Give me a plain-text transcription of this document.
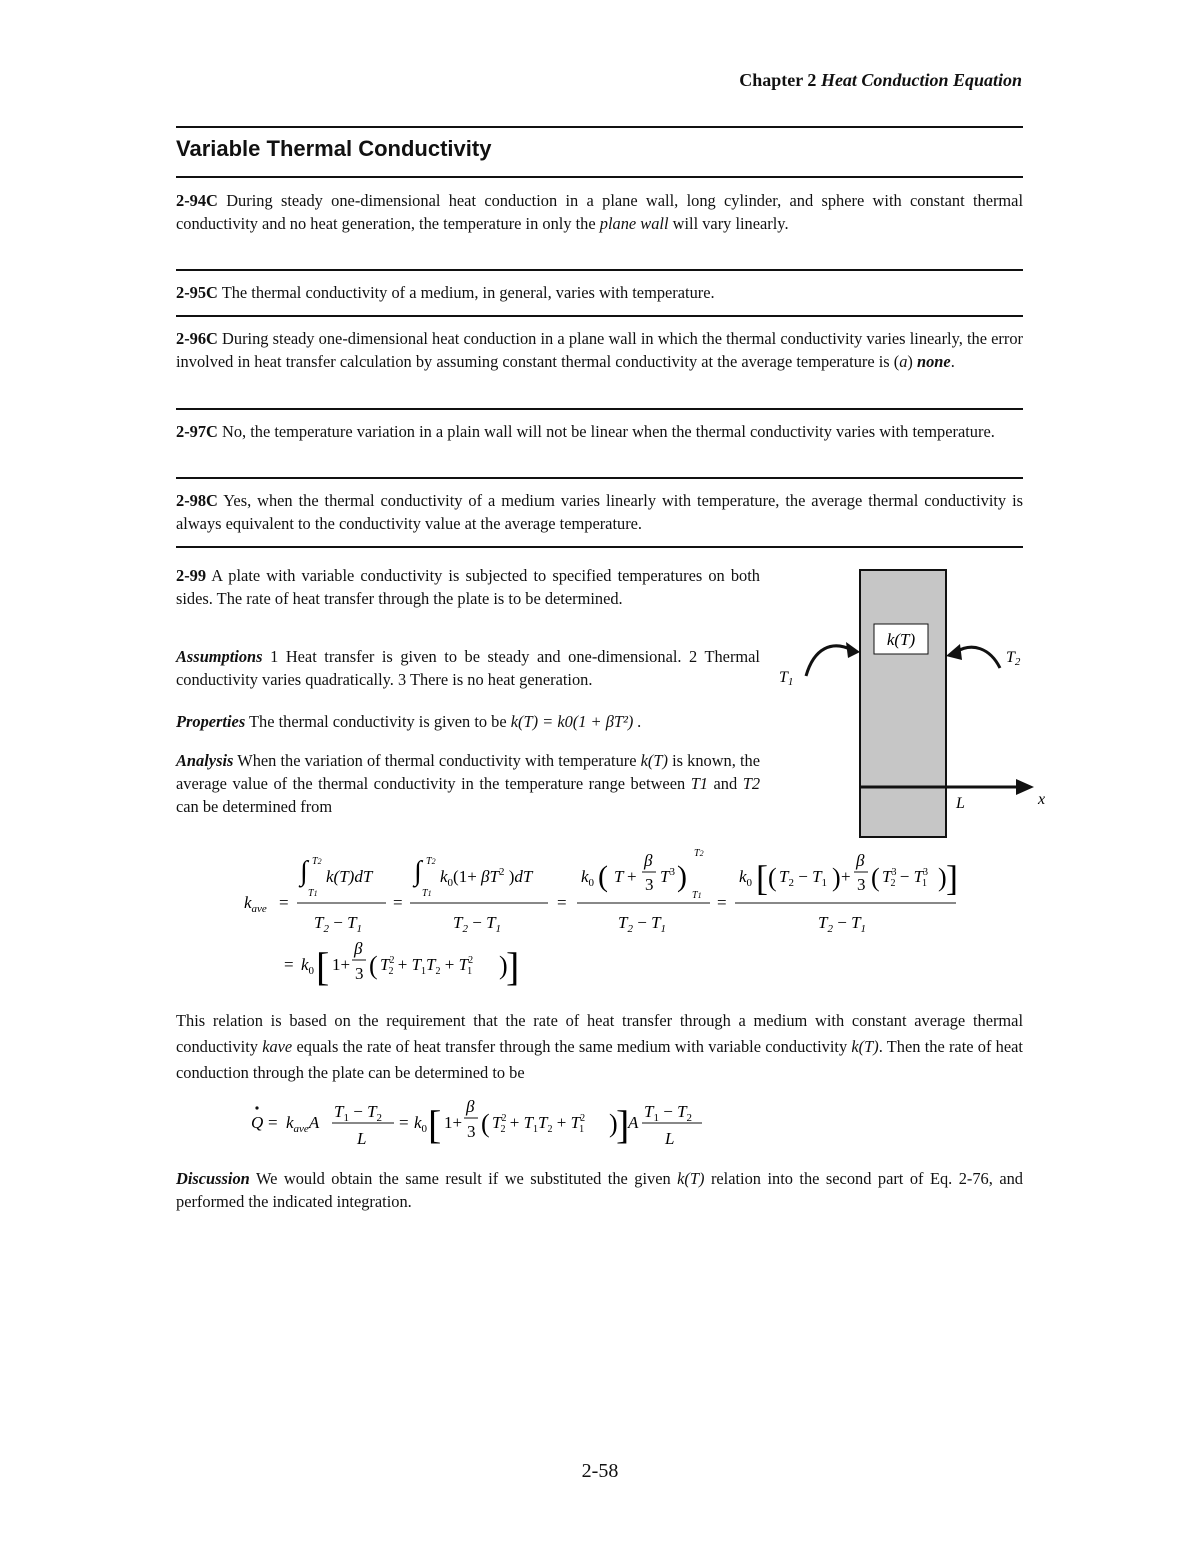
Chapter 2 Heat Conduction Equation
Variable Thermal Conductivity
2-94C During steady one-dimensional heat conduction in a plane wall, long cylinder, and sphere with constant thermal conductivity and no heat generation, the temperature in only the plane wall will vary linearly.
2-95C The thermal conductivity of a medium, in general, varies with temperature.
2-96C During steady one-dimensional heat conduction in a plane wall in which the thermal conductivity varies linearly, the error involved in heat transfer calculation by assuming constant thermal conductivity at the average temperature is (a) none.
2-97C No, the temperature variation in a plain wall will not be linear when the thermal conductivity varies with temperature.
2-98C Yes, when the thermal conductivity of a medium varies linearly with temperature, the average thermal conductivity is always equivalent to the conductivity value at the average temperature.
2-99 A plate with variable conductivity is subjected to specified temperatures on both sides. The rate of heat transfer through the plate is to be determined.
Assumptions 1 Heat transfer is given to be steady and one-dimensional. 2 Thermal conductivity varies quadratically. 3 There is no heat generation.
Properties The thermal conductivity is given to be k(T) = k0(1 + βT²) .
Analysis When the variation of thermal conductivity with temperature k(T) is known, the average value of the thermal conductivity in the temperature range between T1 and T2 can be determined from
k(T)
T1
T2
L	x
$k_{ave}$ =
∫ T2
T1
k(T)dT
$T_2 - T_1$
=
∫ T2
T1
$k_0(1+ \beta T^2$ )dT
$T_2 - T_1$
=
$k_0$ ( T +
β
3 $T^3$ )
T2
T1
$T_2 - T_1$
=
$k_0$ [ ( $T_2 - T_1$ ) +
β
3 ( $T^3$ $2 - T^3$ 1 ) ]
$T_2 - T_1$
= $k_0$ [ 1+
β
3 ( $T^2$ $2 + T_1T_2 + T^2$ 1 )
]
This relation is based on the requirement that the rate of heat transfer through a medium with constant average thermal conductivity kave equals the rate of heat transfer through the same medium with variable conductivity k(T). Then the rate of heat conduction through the plate can be determined to be
$Q = k_{ave}A$
$T_1 - T_2$
L
= $k_0$ [ 1+
β
3 ( $T^2$ $2 + T_1T_2 + T^2$ 1 )
]
A
$T_1 - T_2$
L
Discussion We would obtain the same result if we substituted the given k(T) relation into the second part of Eq. 2-76, and performed the indicated integration.
2-58
